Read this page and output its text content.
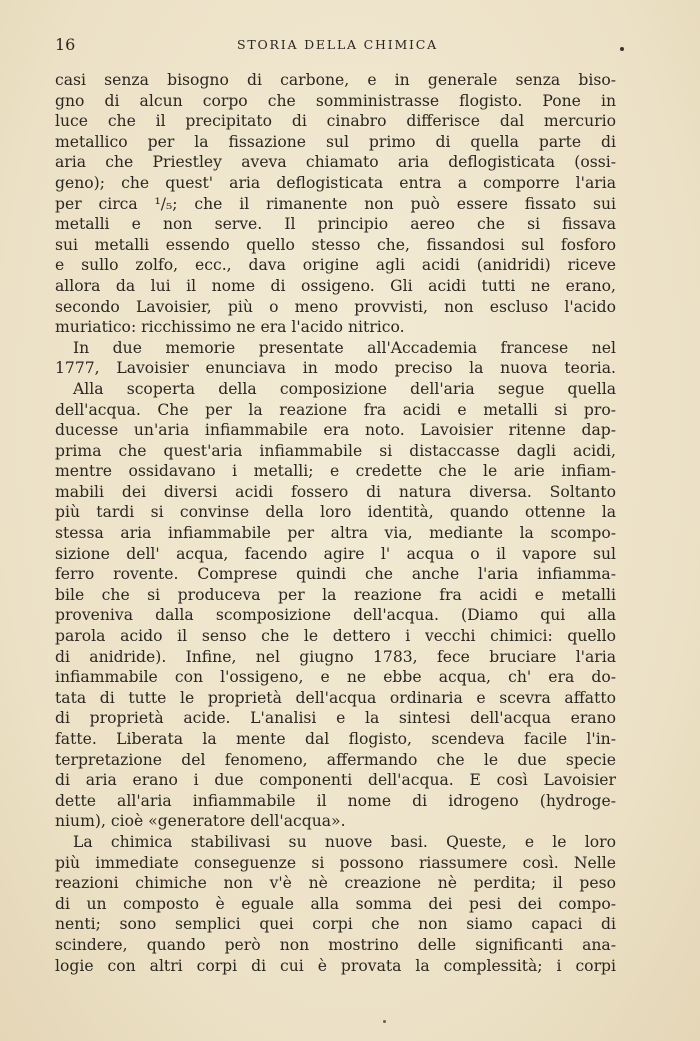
16	STORIA DELLA CHIMICA
casi senza bisogno di carbone, e in generale senza biso-
gno di alcun corpo che somministrasse flogisto. Pone in
luce che il precipitato di cinabro differisce dal mercurio
metallico per la fissazione sul primo di quella parte di
aria che Priestley aveva chiamato aria deflogisticata (ossi-
geno); che quest' aria deflogisticata entra a comporre l'aria
per circa ¹/₅; che il rimanente non può essere fissato sui
metalli e non serve. Il principio aereo che si fissava
sui metalli essendo quello stesso che, fissandosi sul fosforo
e sullo zolfo, ecc., dava origine agli acidi (anidridi) riceve
allora da lui il nome di ossigeno. Gli acidi tutti ne erano,
secondo Lavoisier, più o meno provvisti, non escluso l'acido
muriatico: ricchissimo ne era l'acido nitrico.
In due memorie presentate all'Accademia francese nel
1777, Lavoisier enunciava in modo preciso la nuova teoria.
Alla scoperta della composizione dell'aria segue quella
dell'acqua. Che per la reazione fra acidi e metalli si pro-
ducesse un'aria infiammabile era noto. Lavoisier ritenne dap-
prima che quest'aria infiammabile si distaccasse dagli acidi,
mentre ossidavano i metalli; e credette che le arie infiam-
mabili dei diversi acidi fossero di natura diversa. Soltanto
più tardi si convinse della loro identità, quando ottenne la
stessa aria infiammabile per altra via, mediante la scompo-
sizione dell' acqua, facendo agire l' acqua o il vapore sul
ferro rovente. Comprese quindi che anche l'aria infiamma-
bile che si produceva per la reazione fra acidi e metalli
proveniva dalla scomposizione dell'acqua. (Diamo qui alla
parola acido il senso che le dettero i vecchi chimici: quello
di anidride). Infine, nel giugno 1783, fece bruciare l'aria
infiammabile con l'ossigeno, e ne ebbe acqua, ch' era do-
tata di tutte le proprietà dell'acqua ordinaria e scevra affatto
di proprietà acide. L'analisi e la sintesi dell'acqua erano
fatte. Liberata la mente dal flogisto, scendeva facile l'in-
terpretazione del fenomeno, affermando che le due specie
di aria erano i due componenti dell'acqua. E così Lavoisier
dette all'aria infiammabile il nome di idrogeno (hydroge-
nium), cioè «generatore dell'acqua».
La chimica stabilivasi su nuove basi. Queste, e le loro
più immediate conseguenze si possono riassumere così. Nelle
reazioni chimiche non v'è nè creazione nè perdita; il peso
di un composto è eguale alla somma dei pesi dei compo-
nenti; sono semplici quei corpi che non siamo capaci di
scindere, quando però non mostrino delle significanti ana-
logie con altri corpi di cui è provata la complessità; i corpi
